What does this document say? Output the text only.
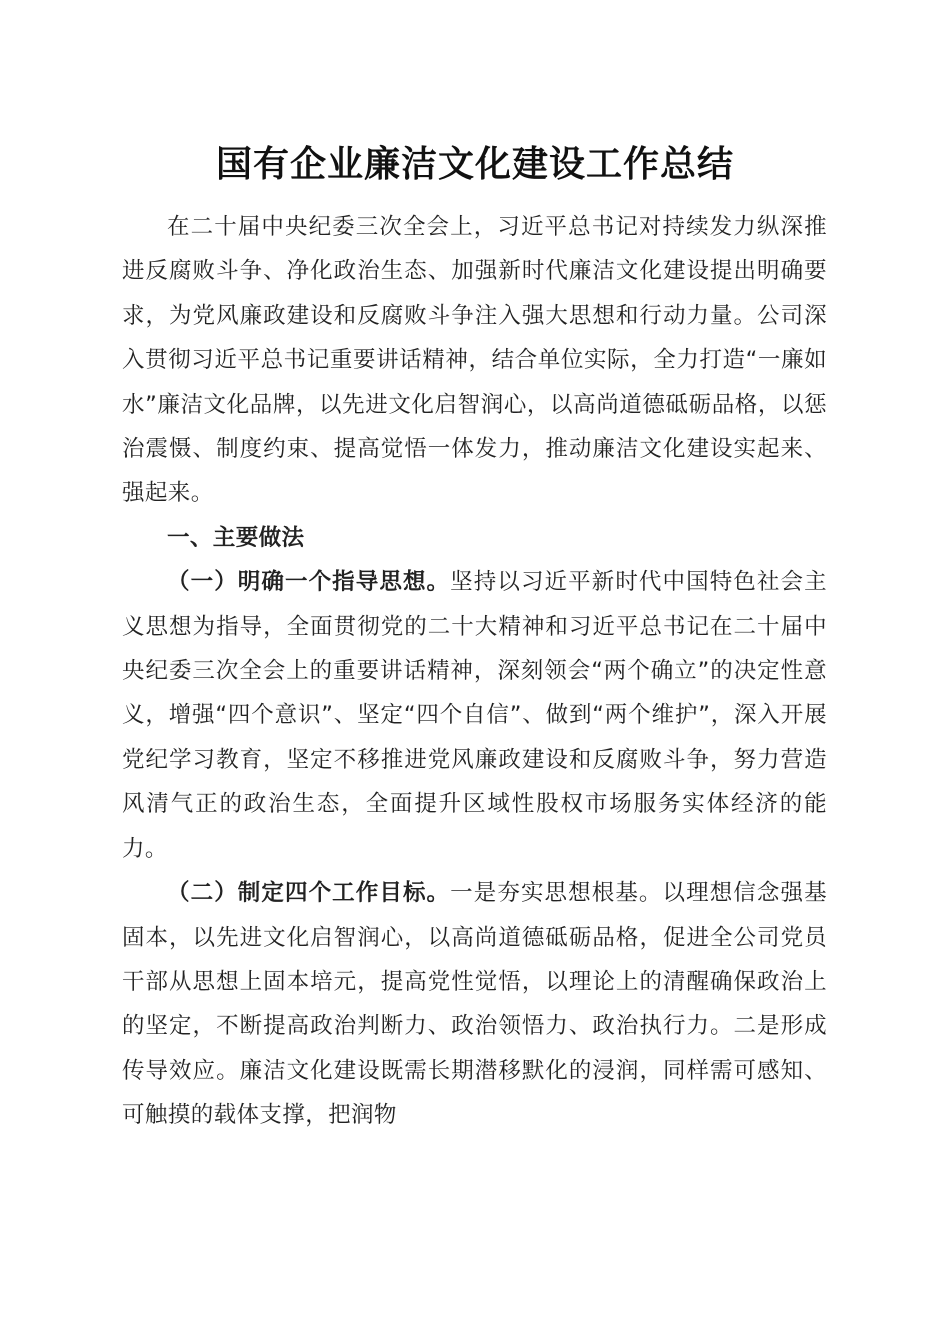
国有企业廉洁文化建设工作总结

在二十届中央纪委三次全会上，习近平总书记对持续发力纵深推进反腐败斗争、净化政治生态、加强新时代廉洁文化建设提出明确要求，为党风廉政建设和反腐败斗争注入强大思想和行动力量。公司深入贯彻习近平总书记重要讲话精神，结合单位实际，全力打造“一廉如水”廉洁文化品牌，以先进文化启智润心，以高尚道德砥砺品格，以惩治震慑、制度约束、提高觉悟一体发力，推动廉洁文化建设实起来、强起来。

一、主要做法

（一）明确一个指导思想。坚持以习近平新时代中国特色社会主义思想为指导，全面贯彻党的二十大精神和习近平总书记在二十届中央纪委三次全会上的重要讲话精神，深刻领会“两个确立”的决定性意义，增强“四个意识”、坚定“四个自信”、做到“两个维护”，深入开展党纪学习教育，坚定不移推进党风廉政建设和反腐败斗争，努力营造风清气正的政治生态，全面提升区域性股权市场服务实体经济的能力。

（二）制定四个工作目标。一是夯实思想根基。以理想信念强基固本，以先进文化启智润心，以高尚道德砥砺品格，促进全公司党员干部从思想上固本培元，提高党性觉悟，以理论上的清醒确保政治上的坚定，不断提高政治判断力、政治领悟力、政治执行力。二是形成传导效应。廉洁文化建设既需长期潜移默化的浸润，同样需可感知、可触摸的载体支撑，把润物
